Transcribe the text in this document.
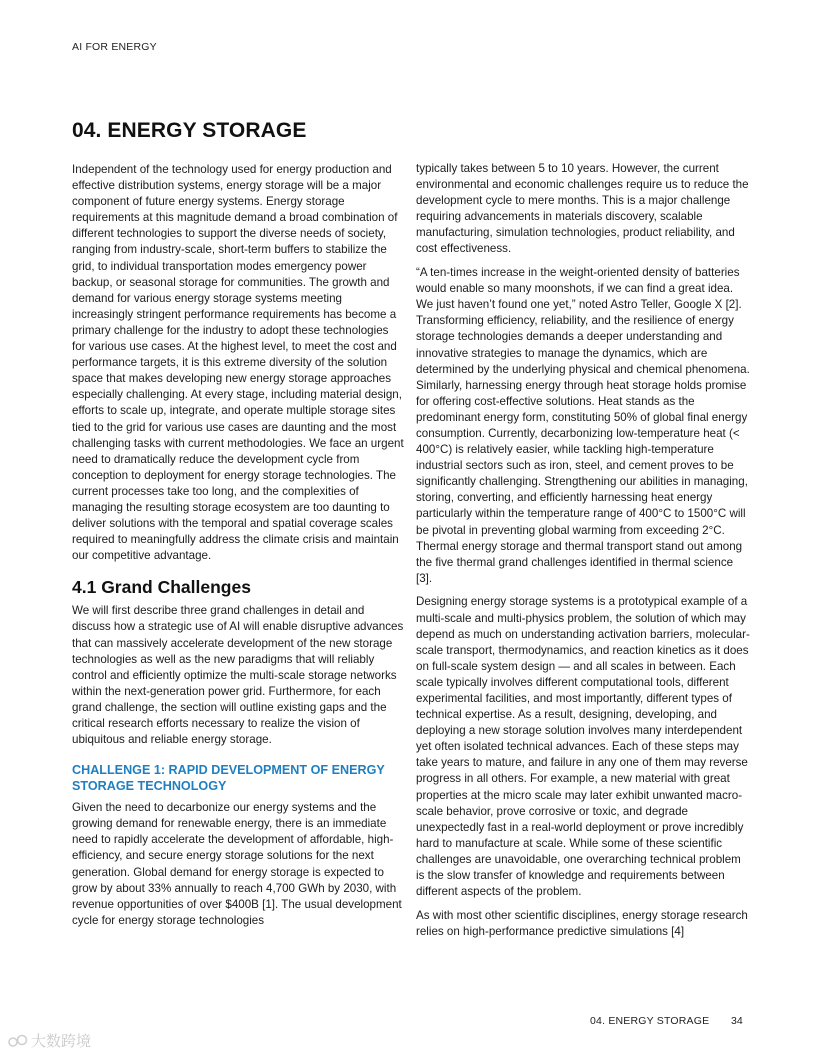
AI FOR ENERGY
04. ENERGY STORAGE

Independent of the technology used for energy production and effective distribution systems, energy storage will be a major component of future energy systems. Energy storage requirements at this magnitude demand a broad combination of different technologies to support the diverse needs of society, ranging from industry-scale, short-term buffers to stabilize the grid, to individual transportation modes emergency power backup, or seasonal storage for communities. The growth and demand for various energy storage systems meeting increasingly stringent performance requirements has become a primary challenge for the industry to adopt these technologies for various use cases. At the highest level, to meet the cost and performance targets, it is this extreme diversity of the solution space that makes developing new energy storage approaches especially challenging. At every stage, including material design, efforts to scale up, integrate, and operate multiple storage sites tied to the grid for various use cases are daunting and the most challenging tasks with current methodologies. We face an urgent need to dramatically reduce the development cycle from conception to deployment for energy storage technologies. The current processes take too long, and the complexities of managing the resulting storage ecosystem are too daunting to deliver solutions with the temporal and spatial coverage scales required to meaningfully address the climate crisis and maintain our competitive advantage.

4.1 Grand Challenges

We will first describe three grand challenges in detail and discuss how a strategic use of AI will enable disruptive advances that can massively accelerate development of the new storage technologies as well as the new paradigms that will reliably control and efficiently optimize the multi-scale storage networks within the next-generation power grid. Furthermore, for each grand challenge, the section will outline existing gaps and the critical research efforts necessary to realize the vision of ubiquitous and reliable energy storage.

CHALLENGE 1: RAPID DEVELOPMENT OF ENERGY STORAGE TECHNOLOGY

Given the need to decarbonize our energy systems and the growing demand for renewable energy, there is an immediate need to rapidly accelerate the development of affordable, high-efficiency, and secure energy storage solutions for the next generation. Global demand for energy storage is expected to grow by about 33% annually to reach 4,700 GWh by 2030, with revenue opportunities of over $400B [1]. The usual development cycle for energy storage technologies

typically takes between 5 to 10 years. However, the current environmental and economic challenges require us to reduce the development cycle to mere months. This is a major challenge requiring advancements in materials discovery, scalable manufacturing, simulation technologies, product reliability, and cost effectiveness.

“A ten-times increase in the weight-oriented density of batteries would enable so many moonshots, if we can find a great idea. We just haven’t found one yet,” noted Astro Teller, Google X [2]. Transforming efficiency, reliability, and the resilience of energy storage technologies demands a deeper understanding and innovative strategies to manage the dynamics, which are determined by the underlying physical and chemical phenomena. Similarly, harnessing energy through heat storage holds promise for offering cost-effective solutions. Heat stands as the predominant energy form, constituting 50% of global final energy consumption. Currently, decarbonizing low-temperature heat (< 400°C) is relatively easier, while tackling high-temperature industrial sectors such as iron, steel, and cement proves to be significantly challenging. Strengthening our abilities in managing, storing, converting, and efficiently harnessing heat energy particularly within the temperature range of 400°C to 1500°C will be pivotal in preventing global warming from exceeding 2°C. Thermal energy storage and thermal transport stand out among the five thermal grand challenges identified in thermal science [3].

Designing energy storage systems is a prototypical example of a multi-scale and multi-physics problem, the solution of which may depend as much on understanding activation barriers, molecular-scale transport, thermodynamics, and reaction kinetics as it does on full-scale system design — and all scales in between. Each scale typically involves different computational tools, different experimental facilities, and most importantly, different types of technical expertise. As a result, designing, developing, and deploying a new storage solution involves many interdependent yet often isolated technical advances. Each of these steps may take years to mature, and failure in any one of them may reverse progress in all others. For example, a new material with great properties at the micro scale may later exhibit unwanted macro-scale behavior, prove corrosive or toxic, and degrade unexpectedly fast in a real-world deployment or prove incredibly hard to manufacture at scale. While some of these scientific challenges are unavoidable, one overarching technical problem is the slow transfer of knowledge and requirements between different aspects of the problem.

As with most other scientific disciplines, energy storage research relies on high-performance predictive simulations [4]

04. ENERGY STORAGE 34
大数跨境
